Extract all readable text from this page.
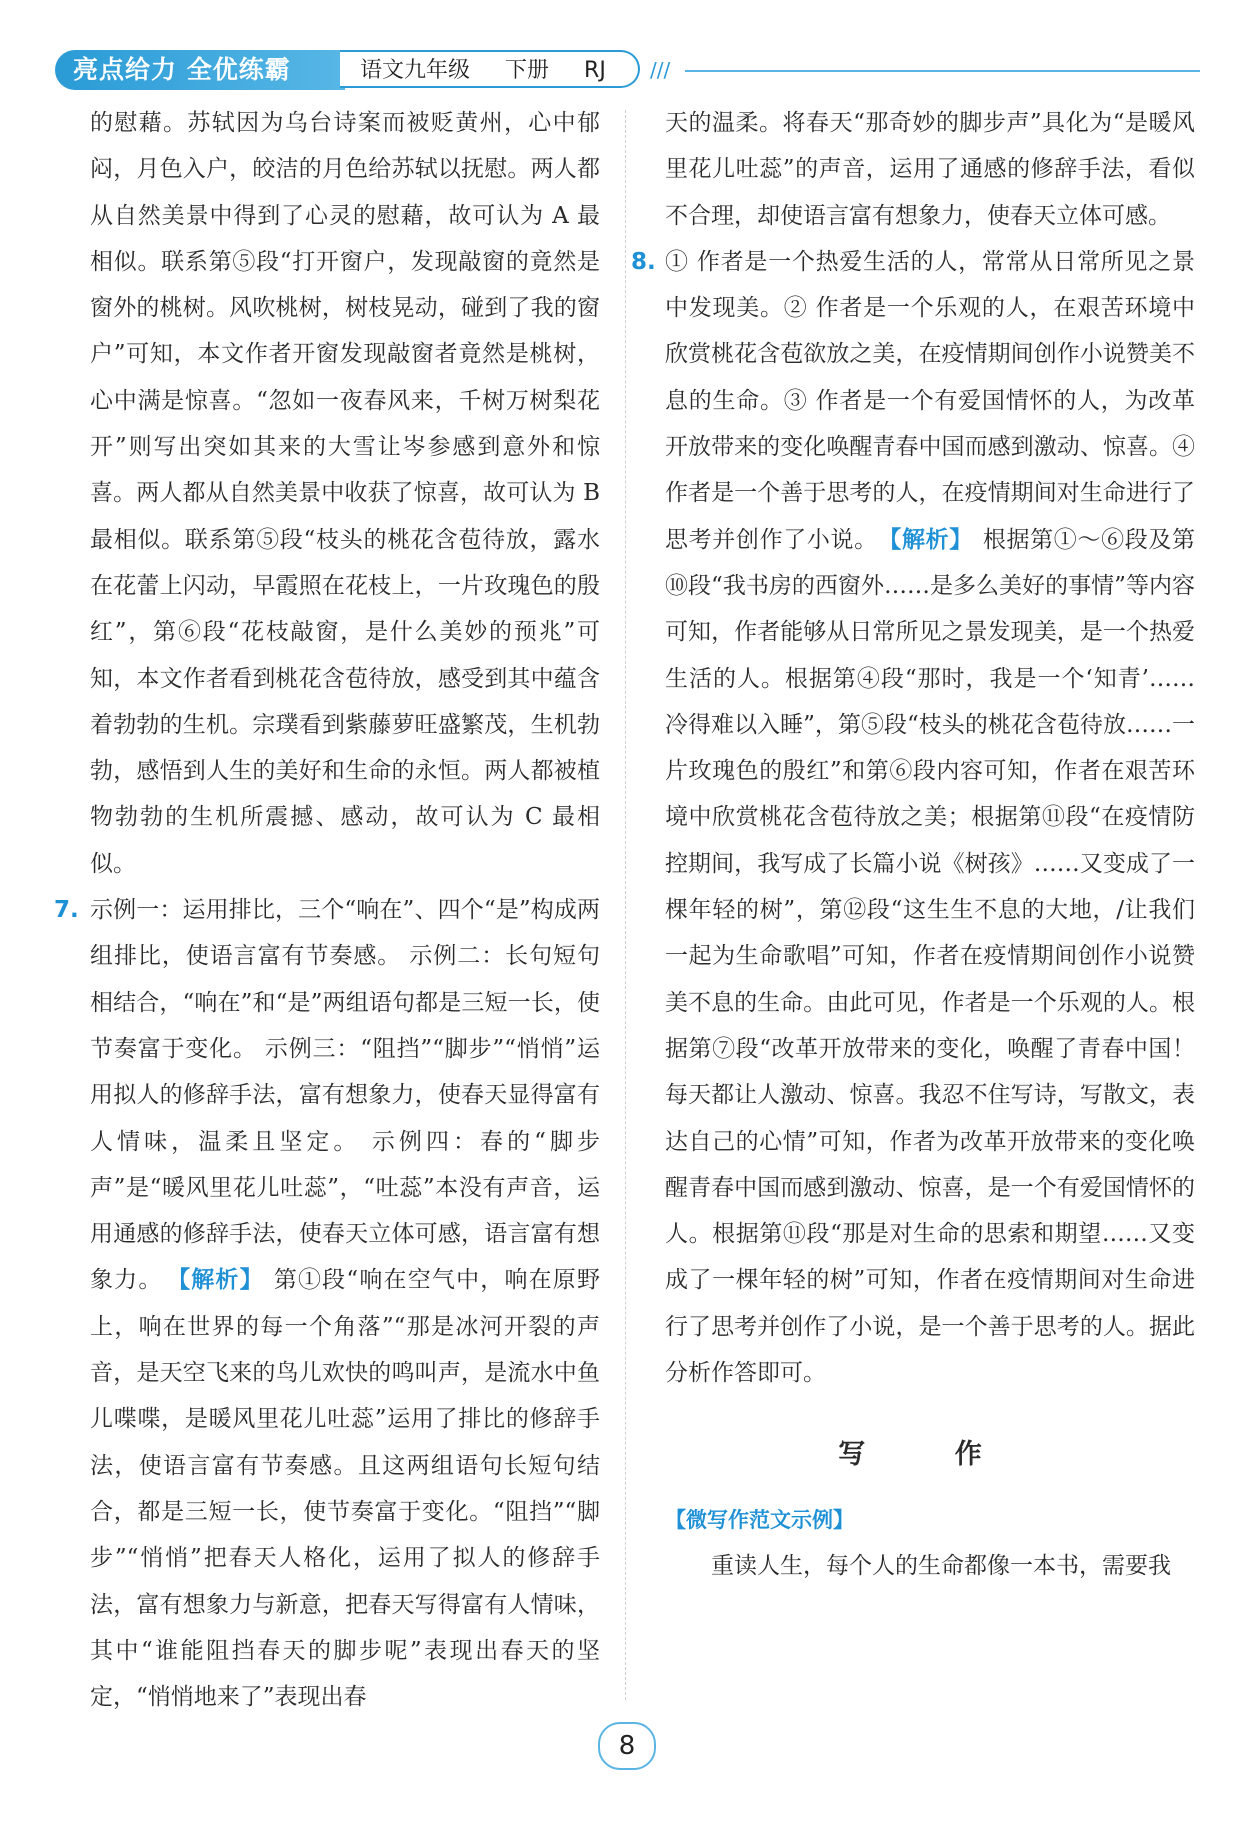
亮点给力 全优练霸	语文九年级 下册 RJ	///

的慰藉。苏轼因为乌台诗案而被贬黄州，心中郁闷，月色入户，皎洁的月色给苏轼以抚慰。两人都从自然美景中得到了心灵的慰藉，故可认为 A 最相似。联系第⑤段“打开窗户，发现敲窗的竟然是窗外的桃树。风吹桃树，树枝晃动，碰到了我的窗户”可知，本文作者开窗发现敲窗者竟然是桃树，心中满是惊喜。“忽如一夜春风来，千树万树梨花开”则写出突如其来的大雪让岑参感到意外和惊喜。两人都从自然美景中收获了惊喜，故可认为 B 最相似。联系第⑤段“枝头的桃花含苞待放，露水在花蕾上闪动，早霞照在花枝上，一片玫瑰色的殷红”，第⑥段“花枝敲窗，是什么美妙的预兆”可知，本文作者看到桃花含苞待放，感受到其中蕴含着勃勃的生机。宗璞看到紫藤萝旺盛繁茂，生机勃勃，感悟到人生的美好和生命的永恒。两人都被植物勃勃的生机所震撼、感动，故可认为 C 最相似。

7. 示例一：运用排比，三个“响在”、四个“是”构成两组排比，使语言富有节奏感。 示例二：长句短句相结合，“响在”和“是”两组语句都是三短一长，使节奏富于变化。 示例三：“阻挡”“脚步”“悄悄”运用拟人的修辞手法，富有想象力，使春天显得富有人情味，温柔且坚定。 示例四：春的“脚步声”是“暖风里花儿吐蕊”，“吐蕊”本没有声音，运用通感的修辞手法，使春天立体可感，语言富有想象力。 【解析】 第①段“响在空气中，响在原野上，响在世界的每一个角落”“那是冰河开裂的声音，是天空飞来的鸟儿欢快的鸣叫声，是流水中鱼儿喋喋，是暖风里花儿吐蕊”运用了排比的修辞手法，使语言富有节奏感。且这两组语句长短句结合，都是三短一长，使节奏富于变化。“阻挡”“脚步”“悄悄”把春天人格化，运用了拟人的修辞手法，富有想象力与新意，把春天写得富有人情味，其中“谁能阻挡春天的脚步呢”表现出春天的坚定，“悄悄地来了”表现出春

天的温柔。将春天“那奇妙的脚步声”具化为“是暖风里花儿吐蕊”的声音，运用了通感的修辞手法，看似不合理，却使语言富有想象力，使春天立体可感。

8. ① 作者是一个热爱生活的人，常常从日常所见之景中发现美。② 作者是一个乐观的人，在艰苦环境中欣赏桃花含苞欲放之美，在疫情期间创作小说赞美不息的生命。③ 作者是一个有爱国情怀的人，为改革开放带来的变化唤醒青春中国而感到激动、惊喜。④ 作者是一个善于思考的人，在疫情期间对生命进行了思考并创作了小说。 【解析】 根据第①～⑥段及第⑩段“我书房的西窗外……是多么美好的事情”等内容可知，作者能够从日常所见之景发现美，是一个热爱生活的人。根据第④段“那时，我是一个‘知青’……冷得难以入睡”，第⑤段“枝头的桃花含苞待放……一片玫瑰色的殷红”和第⑥段内容可知，作者在艰苦环境中欣赏桃花含苞待放之美；根据第⑪段“在疫情防控期间，我写成了长篇小说《树孩》……又变成了一棵年轻的树”，第⑫段“这生生不息的大地，/让我们一起为生命歌唱”可知，作者在疫情期间创作小说赞美不息的生命。由此可见，作者是一个乐观的人。根据第⑦段“改革开放带来的变化，唤醒了青春中国！每天都让人激动、惊喜。我忍不住写诗，写散文，表达自己的心情”可知，作者为改革开放带来的变化唤醒青春中国而感到激动、惊喜，是一个有爱国情怀的人。根据第⑪段“那是对生命的思索和期望……又变成了一棵年轻的树”可知，作者在疫情期间对生命进行了思考并创作了小说，是一个善于思考的人。据此分析作答即可。

写 作
【微写作范文示例】

重读人生，每个人的生命都像一本书，需要我

8
